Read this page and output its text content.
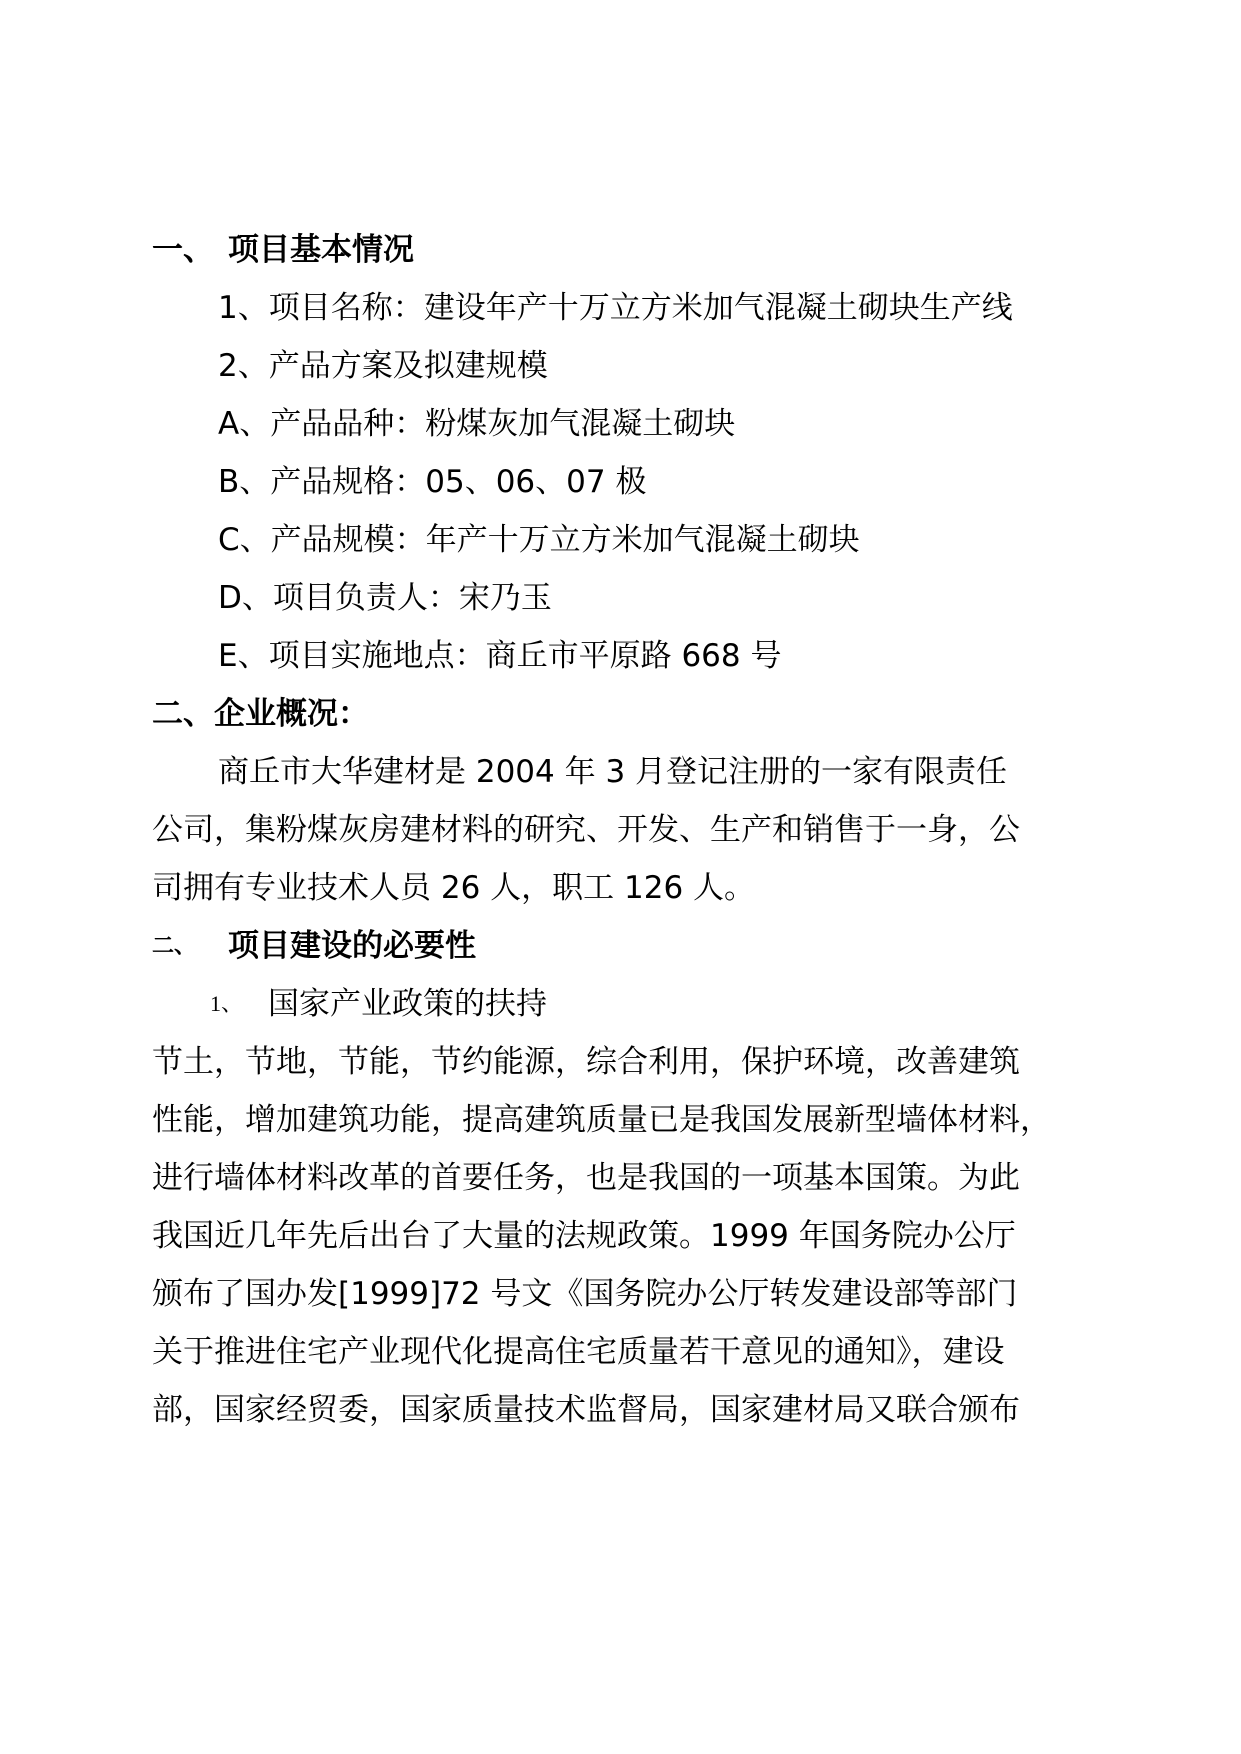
一、 项目基本情况
1、项目名称：建设年产十万立方米加气混凝土砌块生产线
2、产品方案及拟建规模
A、产品品种：粉煤灰加气混凝土砌块
B、产品规格：05、06、07 极
C、产品规模：年产十万立方米加气混凝土砌块
D、项目负责人：宋乃玉
E、项目实施地点：商丘市平原路 668 号
二、企业概况：
商丘市大华建材是 2004 年 3 月登记注册的一家有限责任
公司，集粉煤灰房建材料的研究、开发、生产和销售于一身，公
司拥有专业技术人员 26 人，职工 126 人。
二、 项目建设的必要性
1、 国家产业政策的扶持
节土，节地，节能，节约能源，综合利用，保护环境，改善建筑
性能，增加建筑功能，提高建筑质量已是我国发展新型墙体材料，
进行墙体材料改革的首要任务，也是我国的一项基本国策。为此
我国近几年先后出台了大量的法规政策。1999 年国务院办公厅
颁布了国办发[1999]72 号文《国务院办公厅转发建设部等部门
关于推进住宅产业现代化提高住宅质量若干意见的通知》，建设
部，国家经贸委，国家质量技术监督局，国家建材局又联合颁布
